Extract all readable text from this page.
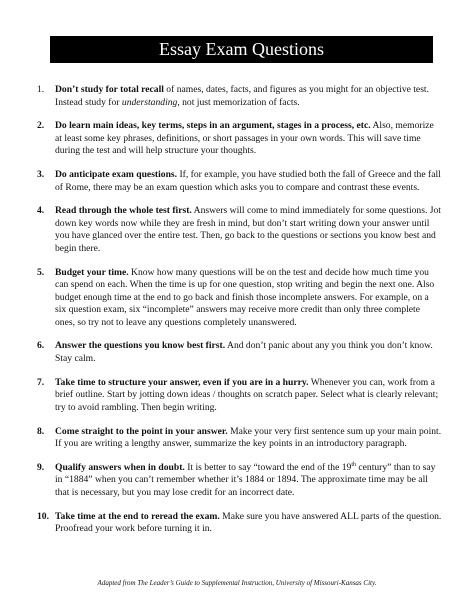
Essay Exam Questions
1. Don’t study for total recall of names, dates, facts, and figures as you might for an objective test. Instead study for understanding, not just memorization of facts.
2. Do learn main ideas, key terms, steps in an argument, stages in a process, etc. Also, memorize at least some key phrases, definitions, or short passages in your own words. This will save time during the test and will help structure your thoughts.
3. Do anticipate exam questions. If, for example, you have studied both the fall of Greece and the fall of Rome, there may be an exam question which asks you to compare and contrast these events.
4. Read through the whole test first. Answers will come to mind immediately for some questions. Jot down key words now while they are fresh in mind, but don’t start writing down your answer until you have glanced over the entire test. Then, go back to the questions or sections you know best and begin there.
5. Budget your time. Know how many questions will be on the test and decide how much time you can spend on each. When the time is up for one question, stop writing and begin the next one. Also budget enough time at the end to go back and finish those incomplete answers. For example, on a six question exam, six “incomplete” answers may receive more credit than only three complete ones, so try not to leave any questions completely unanswered.
6. Answer the questions you know best first. And don’t panic about any you think you don’t know. Stay calm.
7. Take time to structure your answer, even if you are in a hurry. Whenever you can, work from a brief outline. Start by jotting down ideas / thoughts on scratch paper. Select what is clearly relevant; try to avoid rambling. Then begin writing.
8. Come straight to the point in your answer. Make your very first sentence sum up your main point. If you are writing a lengthy answer, summarize the key points in an introductory paragraph.
9. Qualify answers when in doubt. It is better to say “toward the end of the 19th century” than to say in “1884” when you can’t remember whether it’s 1884 or 1894. The approximate time may be all that is necessary, but you may lose credit for an incorrect date.
10. Take time at the end to reread the exam. Make sure you have answered ALL parts of the question. Proofread your work before turning it in.
Adapted from The Leader’s Guide to Supplemental Instruction, University of Missouri-Kansas City.
